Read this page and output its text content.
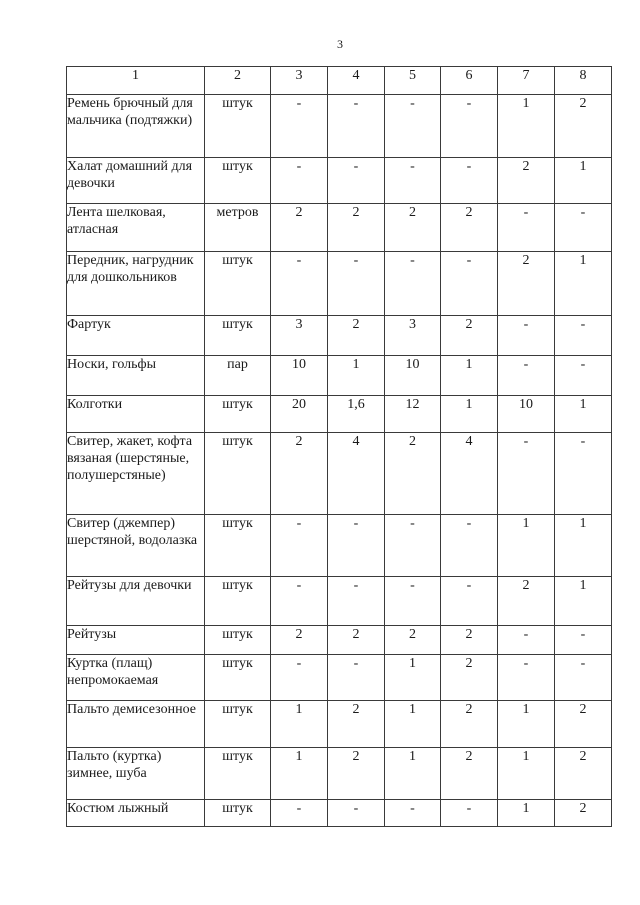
3
1	2	3	4	5	6	7	8
Ремень брючный для мальчика (подтяжки)	штук	-	-	-	-	1	2
Халат домашний для девочки	штук	-	-	-	-	2	1
Лента шелковая, атласная	метров	2	2	2	2	-	-
Передник, нагрудник для дошкольников	штук	-	-	-	-	2	1
Фартук	штук	3	2	3	2	-	-
Носки, гольфы	пар	10	1	10	1	-	-
Колготки	штук	20	1,6	12	1	10	1
Свитер, жакет, кофта вязаная (шерстяные, полушерстяные)	штук	2	4	2	4	-	-
Свитер (джемпер) шерстяной, водолазка	штук	-	-	-	-	1	1
Рейтузы для девочки	штук	-	-	-	-	2	1
Рейтузы	штук	2	2	2	2	-	-
Куртка (плащ) непромокаемая	штук	-	-	1	2	-	-
Пальто демисезонное	штук	1	2	1	2	1	2
Пальто (куртка) зимнее, шуба	штук	1	2	1	2	1	2
Костюм лыжный	штук	-	-	-	-	1	2
